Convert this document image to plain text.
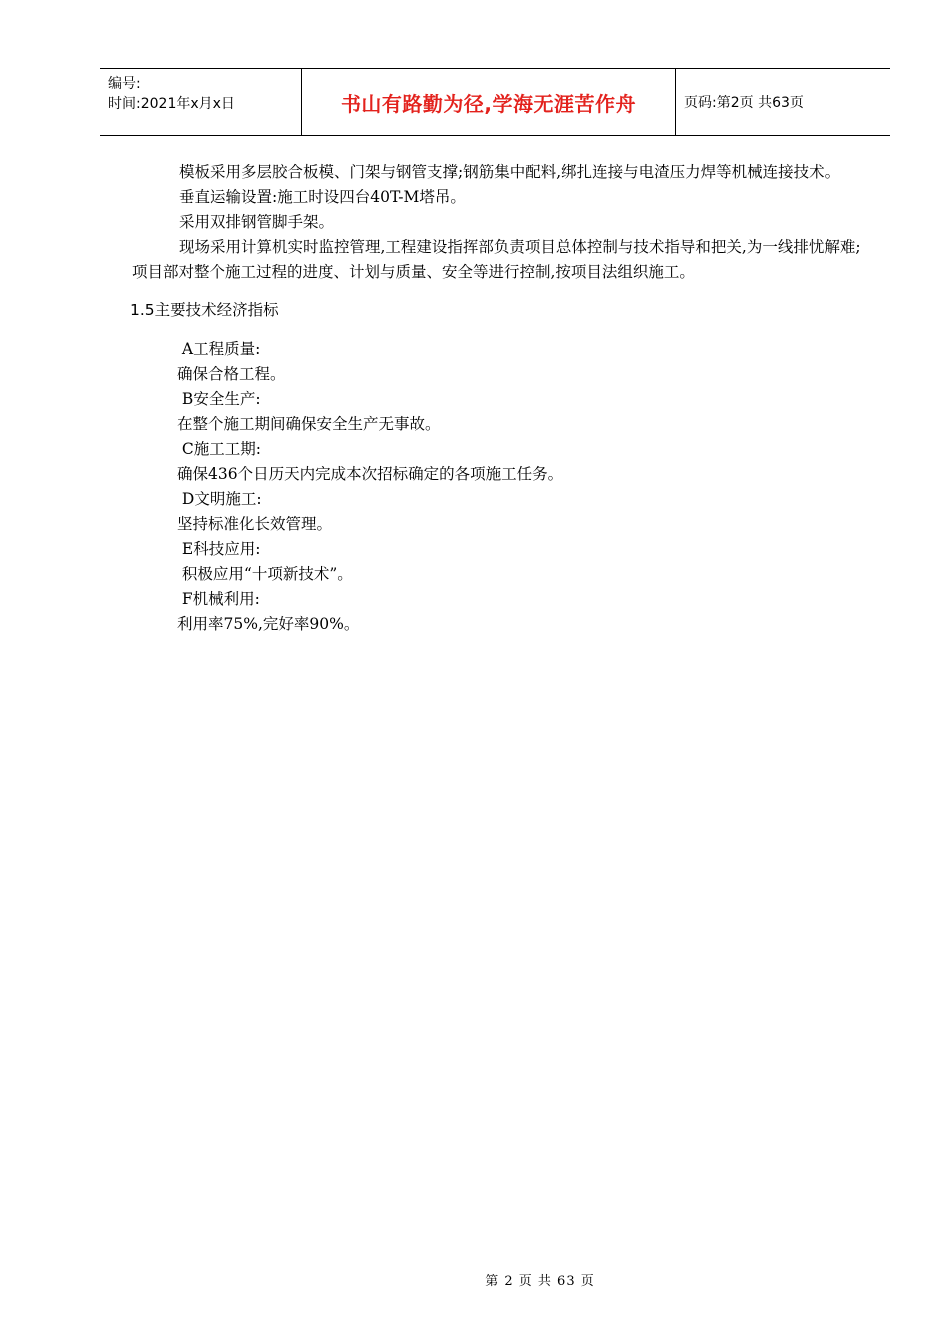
编号:
时间:2021年x月x日	书山有路勤为径,学海无涯苦作舟	页码:第2页 共63页

模板采用多层胶合板模、门架与钢管支撑;钢筋集中配料,绑扎连接与电渣压力焊等机械连接技术。

垂直运输设置:施工时设四台40T-M塔吊。

采用双排钢管脚手架。

现场采用计算机实时监控管理,工程建设指挥部负责项目总体控制与技术指导和把关,为一线排忧解难;项目部对整个施工过程的进度、计划与质量、安全等进行控制,按项目法组织施工。

1.5主要技术经济指标

A工程质量:

确保合格工程。

B安全生产:

在整个施工期间确保安全生产无事故。

C施工工期:

确保436个日历天内完成本次招标确定的各项施工任务。

D文明施工:

坚持标准化长效管理。

E科技应用:

积极应用“十项新技术”。

F机械利用:

利用率75%,完好率90%。

第 2 页 共 63 页
